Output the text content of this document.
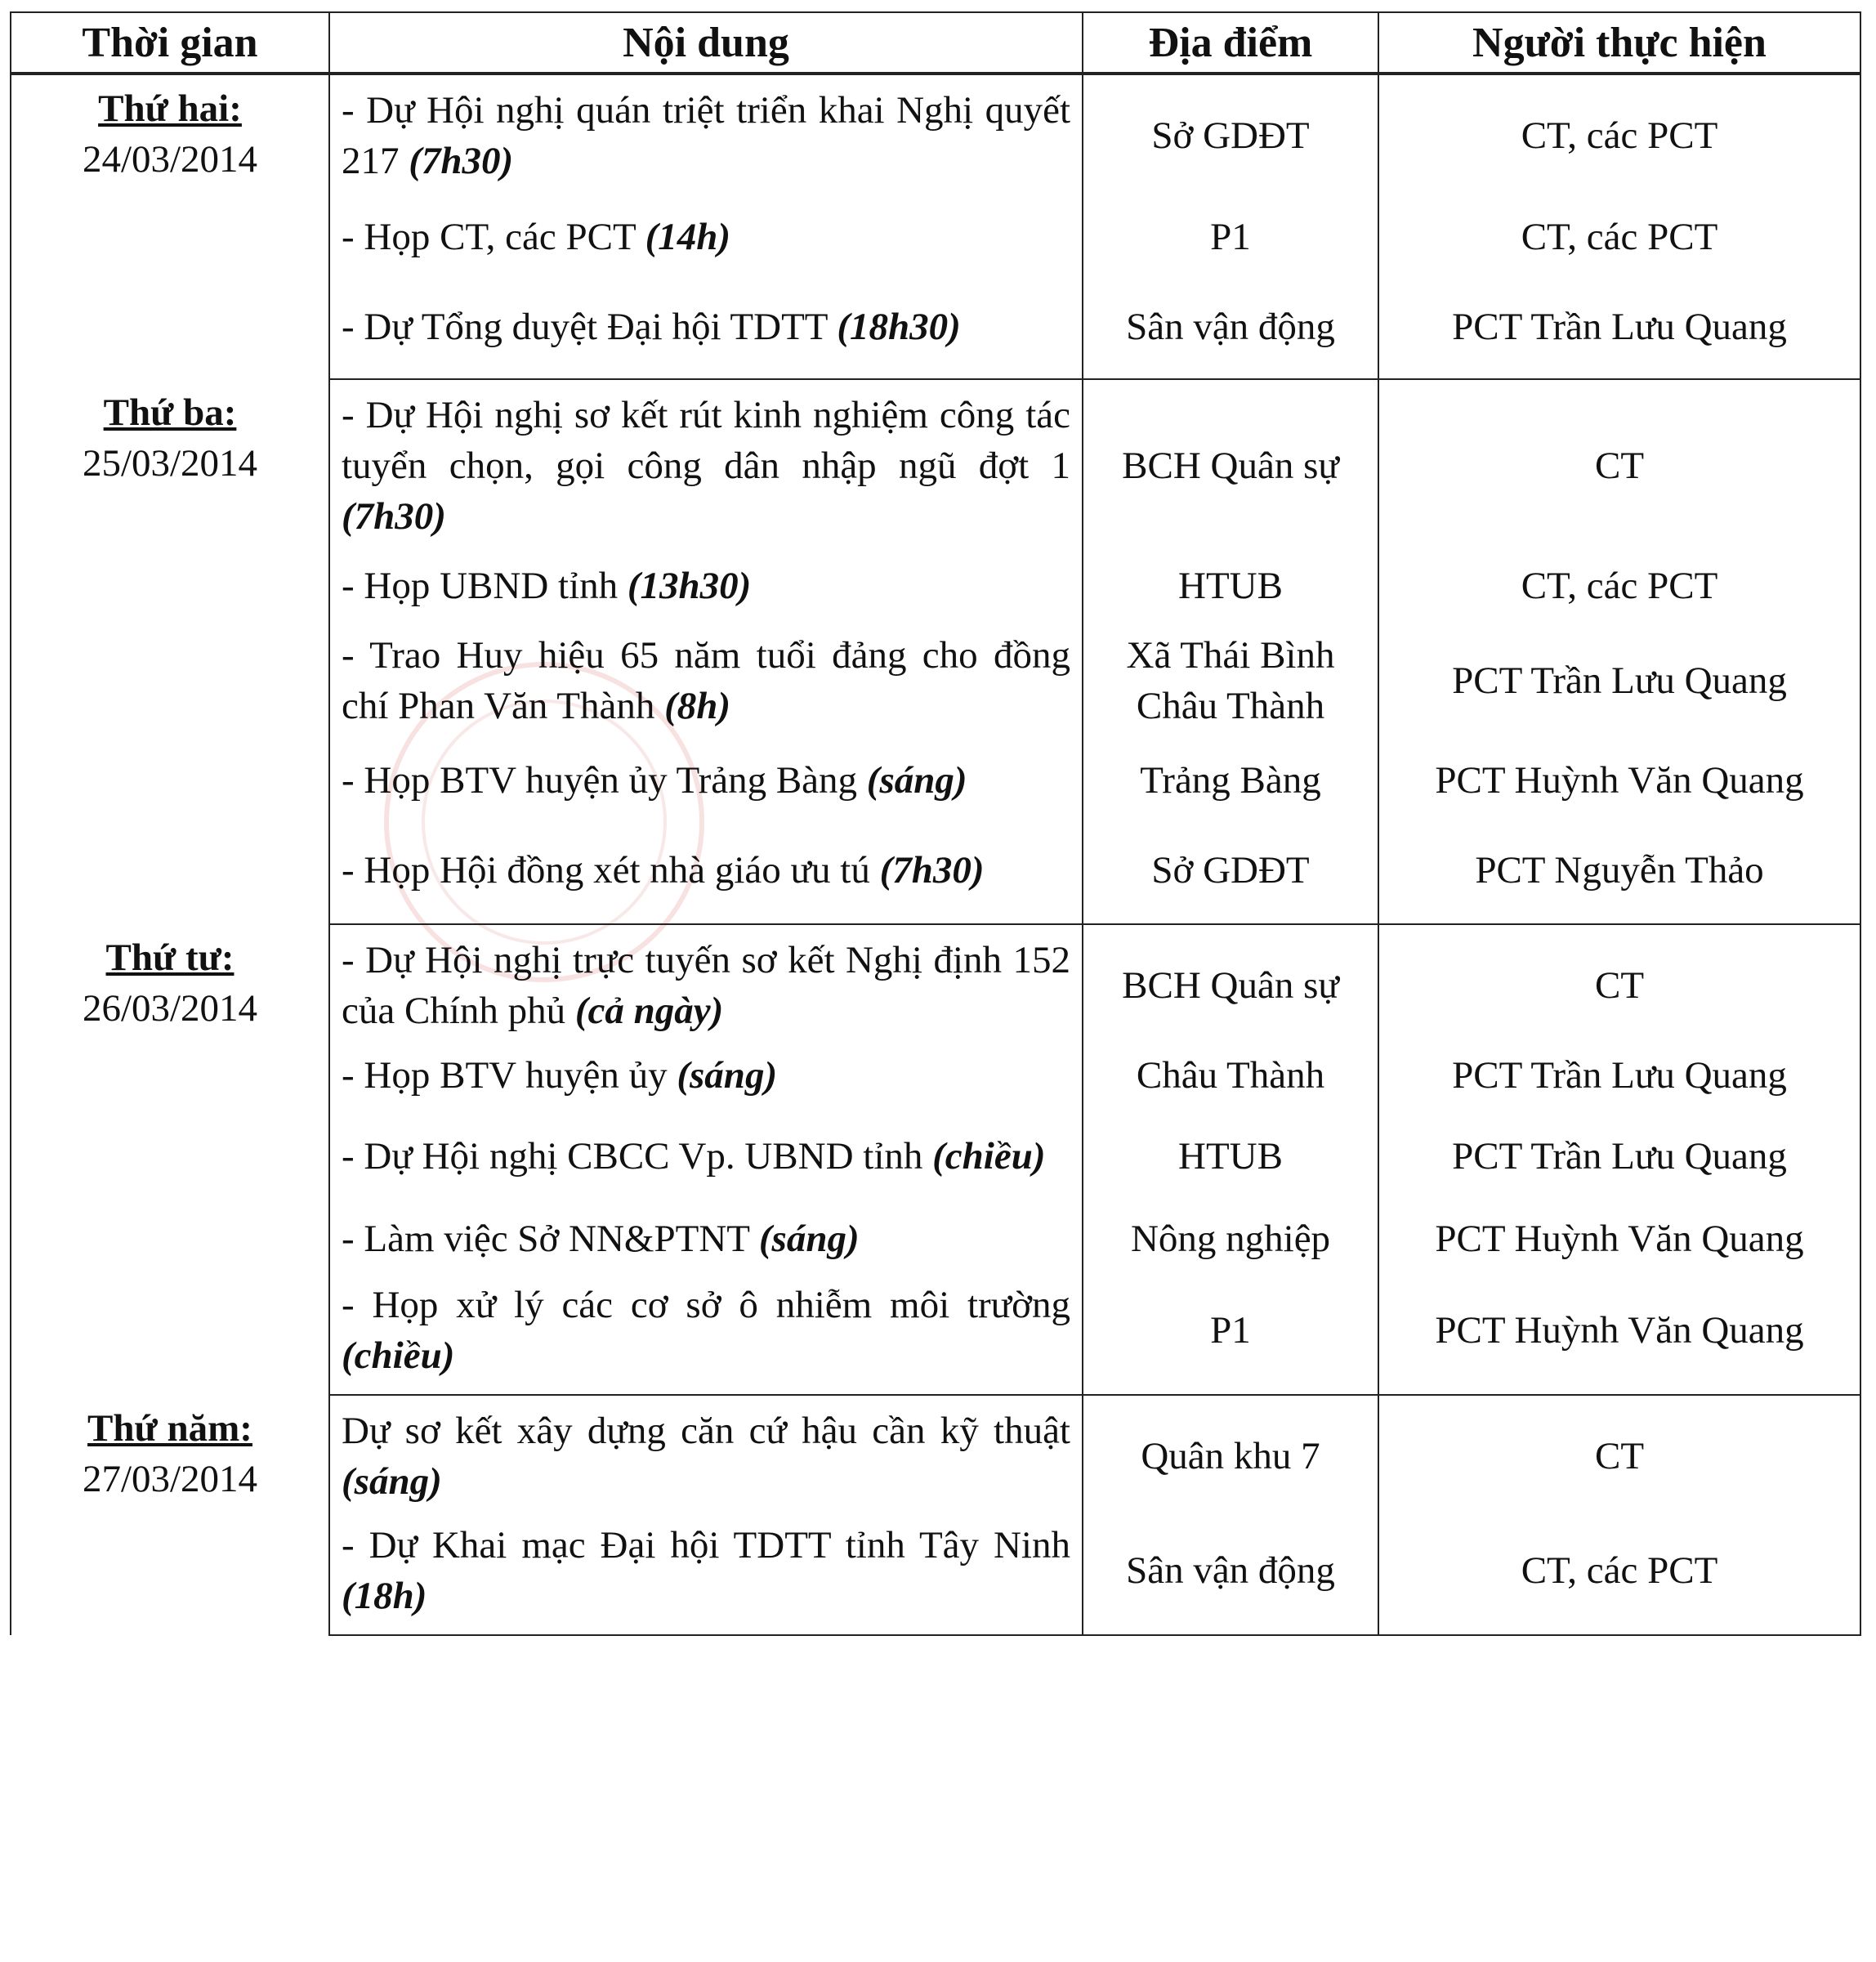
Thời gian	Nội dung	Địa điểm	Người thực hiện

Thứ hai:
24/03/2014	- Dự Hội nghị quán triệt triển khai Nghị quyết 217 (7h30)	Sở GDĐT	CT, các PCT
	- Họp CT, các PCT (14h)	P1	CT, các PCT
	- Dự Tổng duyệt Đại hội TDTT (18h30)	Sân vận động	PCT Trần Lưu Quang

Thứ ba:
25/03/2014	- Dự Hội nghị sơ kết rút kinh nghiệm công tác tuyển chọn, gọi công dân nhập ngũ đợt 1 (7h30)	BCH Quân sự	CT
	- Họp UBND tỉnh (13h30)	HTUB	CT, các PCT
	- Trao Huy hiệu 65 năm tuổi đảng cho đồng chí Phan Văn Thành (8h)	Xã Thái Bình Châu Thành	PCT Trần Lưu Quang
	- Họp BTV huyện ủy Trảng Bàng (sáng)	Trảng Bàng	PCT Huỳnh Văn Quang
	- Họp Hội đồng xét nhà giáo ưu tú (7h30)	Sở GDĐT	PCT Nguyễn Thảo

Thứ tư:
26/03/2014	- Dự Hội nghị trực tuyến sơ kết Nghị định 152 của Chính phủ (cả ngày)	BCH Quân sự	CT
	- Họp BTV huyện ủy (sáng)	Châu Thành	PCT Trần Lưu Quang
	- Dự Hội nghị CBCC Vp. UBND tỉnh (chiều)	HTUB	PCT Trần Lưu Quang
	- Làm việc Sở NN&PTNT (sáng)	Nông nghiệp	PCT Huỳnh Văn Quang
	- Họp xử lý các cơ sở ô nhiễm môi trường (chiều)	P1	PCT Huỳnh Văn Quang

Thứ năm:
27/03/2014	Dự sơ kết xây dựng căn cứ hậu cần kỹ thuật (sáng)	Quân khu 7	CT
	- Dự Khai mạc Đại hội TDTT tỉnh Tây Ninh (18h)	Sân vận động	CT, các PCT
